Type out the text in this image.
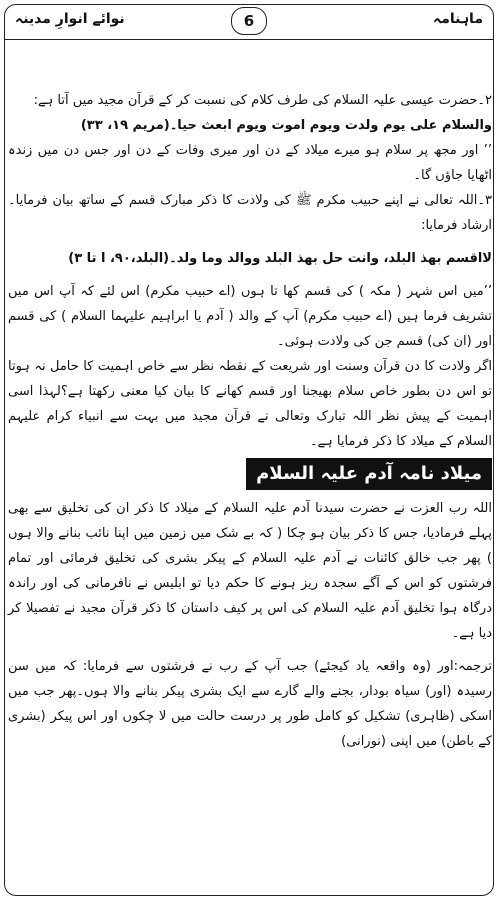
ماہنامہ
6
نوائے انوارِ مدینہ

۲۔حضرت عیسی علیہ السلام کی طرف کلام کی نسبت کر کے قرآن مجید میں آتا ہے:

والسلام علی یوم ولدت ویوم اموت ویوم ابعث حیا۔(مریم ۱۹، ۳۳)

’’ اور مجھ پر سلام ہو میرے میلاد کے دن اور میری وفات کے دن اور جس دن میں زندہ اٹھایا جاؤں گا۔

۳۔اللہ تعالی نے اپنے حبیب مکرم ﷺ کی ولادت کا ذکر مبارک قسم کے ساتھ بیان فرمایا۔ارشاد فرمایا:

لااقسم بھذ البلد، وانت حل بھذ البلد ووالد وما ولد۔(البلد،۹۰، ا تا ۳)

’’میں اس شہر ( مکہ ) کی قسم کھا تا ہوں (اے حبیب مکرم) اس لئے کہ آپ اس میں تشریف فرما ہیں (اے حبیب مکرم) آپ کے والد ( آدم یا ابراہیم علیہما السلام ) کی قسم اور (ان کی) قسم جن کی ولادت ہوئی۔

اگر ولادت کا دن قرآن وسنت اور شریعت کے نقطہ نظر سے خاص اہمیت کا حامل نہ ہوتا تو اس دن بطور خاص سلام بھیجنا اور قسم کھانے کا بیان کیا معنی رکھتا ہے؟لہذا اسی اہمیت کے پیش نظر اللہ تبارک وتعالی نے قرآن مجید میں بہت سے انبیاء کرام علیہم السلام کے میلاد کا ذکر فرمایا ہے۔

میلاد نامہ آدم علیہ السلام

اللہ رب العزت نے حضرت سیدنا آدم علیہ السلام کے میلاد کا ذکر ان کی تخلیق سے بھی پہلے فرمادیا، جس کا ذکر بیان ہو چکا ( کہ بے شک میں زمین میں اپنا نائب بنانے والا ہوں ) پھر جب خالق کائنات نے آدم علیہ السلام کے پیکر بشری کی تخلیق فرمائی اور تمام فرشتوں کو اس کے آگے سجدہ ریز ہونے کا حکم دیا تو ابلیس نے نافرمانی کی اور راندہ درگاہ ہوا تخلیق آدم علیہ السلام کی اس پر کیف داستان کا ذکر قرآن مجید نے تفصیلا کر دیا ہے۔

ترجمہ:اور (وہ واقعہ یاد کیجئے) جب آپ کے رب نے فرشتوں سے فرمایا: کہ میں سن رسیدہ (اور) سیاہ بودار، بجنے والے گارے سے ایک بشری پیکر بنانے والا ہوں۔پھر جب میں اسکی (ظاہری) تشکیل کو کامل طور پر درست حالت میں لا چکوں اور اس پیکر (بشری کے باطن) میں اپنی (نورانی)
